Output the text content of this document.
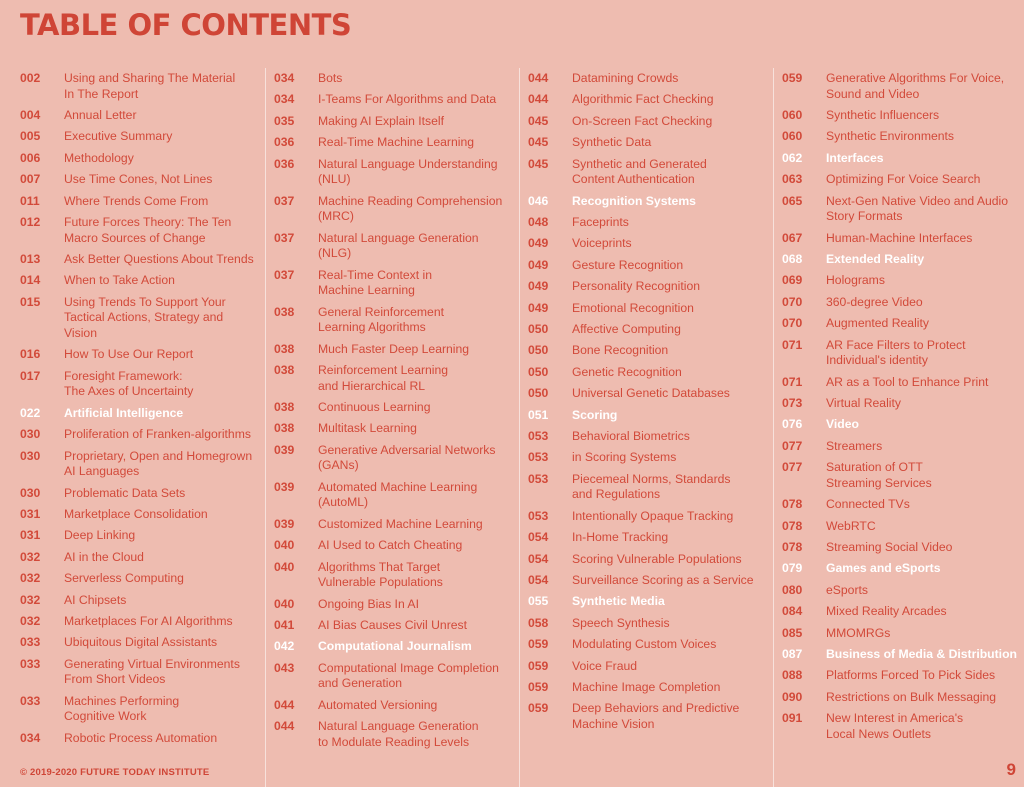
TABLE OF CONTENTS
002	Using and Sharing The Material
In The Report
004	Annual Letter
005	Executive Summary
006	Methodology
007	Use Time Cones, Not Lines
011	Where Trends Come From
012	Future Forces Theory: The Ten
Macro Sources of Change
013	Ask Better Questions About Trends
014	When to Take Action
015	Using Trends To Support Your
Tactical Actions, Strategy and
Vision
016	How To Use Our Report
017	Foresight Framework:
The Axes of Uncertainty
022	Artificial Intelligence
030	Proliferation of Franken-algorithms
030	Proprietary, Open and Homegrown
AI Languages
030	Problematic Data Sets
031	Marketplace Consolidation
031	Deep Linking
032	AI in the Cloud
032	Serverless Computing
032	AI Chipsets
032	Marketplaces For AI Algorithms
033	Ubiquitous Digital Assistants
033	Generating Virtual Environments
From Short Videos
033	Machines Performing
Cognitive Work
034	Robotic Process Automation
034	Bots
034	I-Teams For Algorithms and Data
035	Making AI Explain Itself
036	Real-Time Machine Learning
036	Natural Language Understanding
(NLU)
037	Machine Reading Comprehension
(MRC)
037	Natural Language Generation
(NLG)
037	Real-Time Context in
Machine Learning
038	General Reinforcement
Learning Algorithms
038	Much Faster Deep Learning
038	Reinforcement Learning
and Hierarchical RL
038	Continuous Learning
038	Multitask Learning
039	Generative Adversarial Networks
(GANs)
039	Automated Machine Learning
(AutoML)
039	Customized Machine Learning
040	AI Used to Catch Cheating
040	Algorithms That Target
Vulnerable Populations
040	Ongoing Bias In AI
041	AI Bias Causes Civil Unrest
042	Computational Journalism
043	Computational Image Completion
and Generation
044	Automated Versioning
044	Natural Language Generation
to Modulate Reading Levels
044	Datamining Crowds
044	Algorithmic Fact Checking
045	On-Screen Fact Checking
045	Synthetic Data
045	Synthetic and Generated
Content Authentication
046	Recognition Systems
048	Faceprints
049	Voiceprints
049	Gesture Recognition
049	Personality Recognition
049	Emotional Recognition
050	Affective Computing
050	Bone Recognition
050	Genetic Recognition
050	Universal Genetic Databases
051	Scoring
053	Behavioral Biometrics
053	in Scoring Systems
053	Piecemeal Norms, Standards
and Regulations
053	Intentionally Opaque Tracking
054	In-Home Tracking
054	Scoring Vulnerable Populations
054	Surveillance Scoring as a Service
055	Synthetic Media
058	Speech Synthesis
059	Modulating Custom Voices
059	Voice Fraud
059	Machine Image Completion
059	Deep Behaviors and Predictive
Machine Vision
059	Generative Algorithms For Voice,
Sound and Video
060	Synthetic Influencers
060	Synthetic Environments
062	Interfaces
063	Optimizing For Voice Search
065	Next-Gen Native Video and Audio
Story Formats
067	Human-Machine Interfaces
068	Extended Reality
069	Holograms
070	360-degree Video
070	Augmented Reality
071	AR Face Filters to Protect
Individual's identity
071	AR as a Tool to Enhance Print
073	Virtual Reality
076	Video
077	Streamers
077	Saturation of OTT
Streaming Services
078	Connected TVs
078	WebRTC
078	Streaming Social Video
079	Games and eSports
080	eSports
084	Mixed Reality Arcades
085	MMOMRGs
087	Business of Media & Distribution
088	Platforms Forced To Pick Sides
090	Restrictions on Bulk Messaging
091	New Interest in America's
Local News Outlets
© 2019-2020 FUTURE TODAY INSTITUTE	9
